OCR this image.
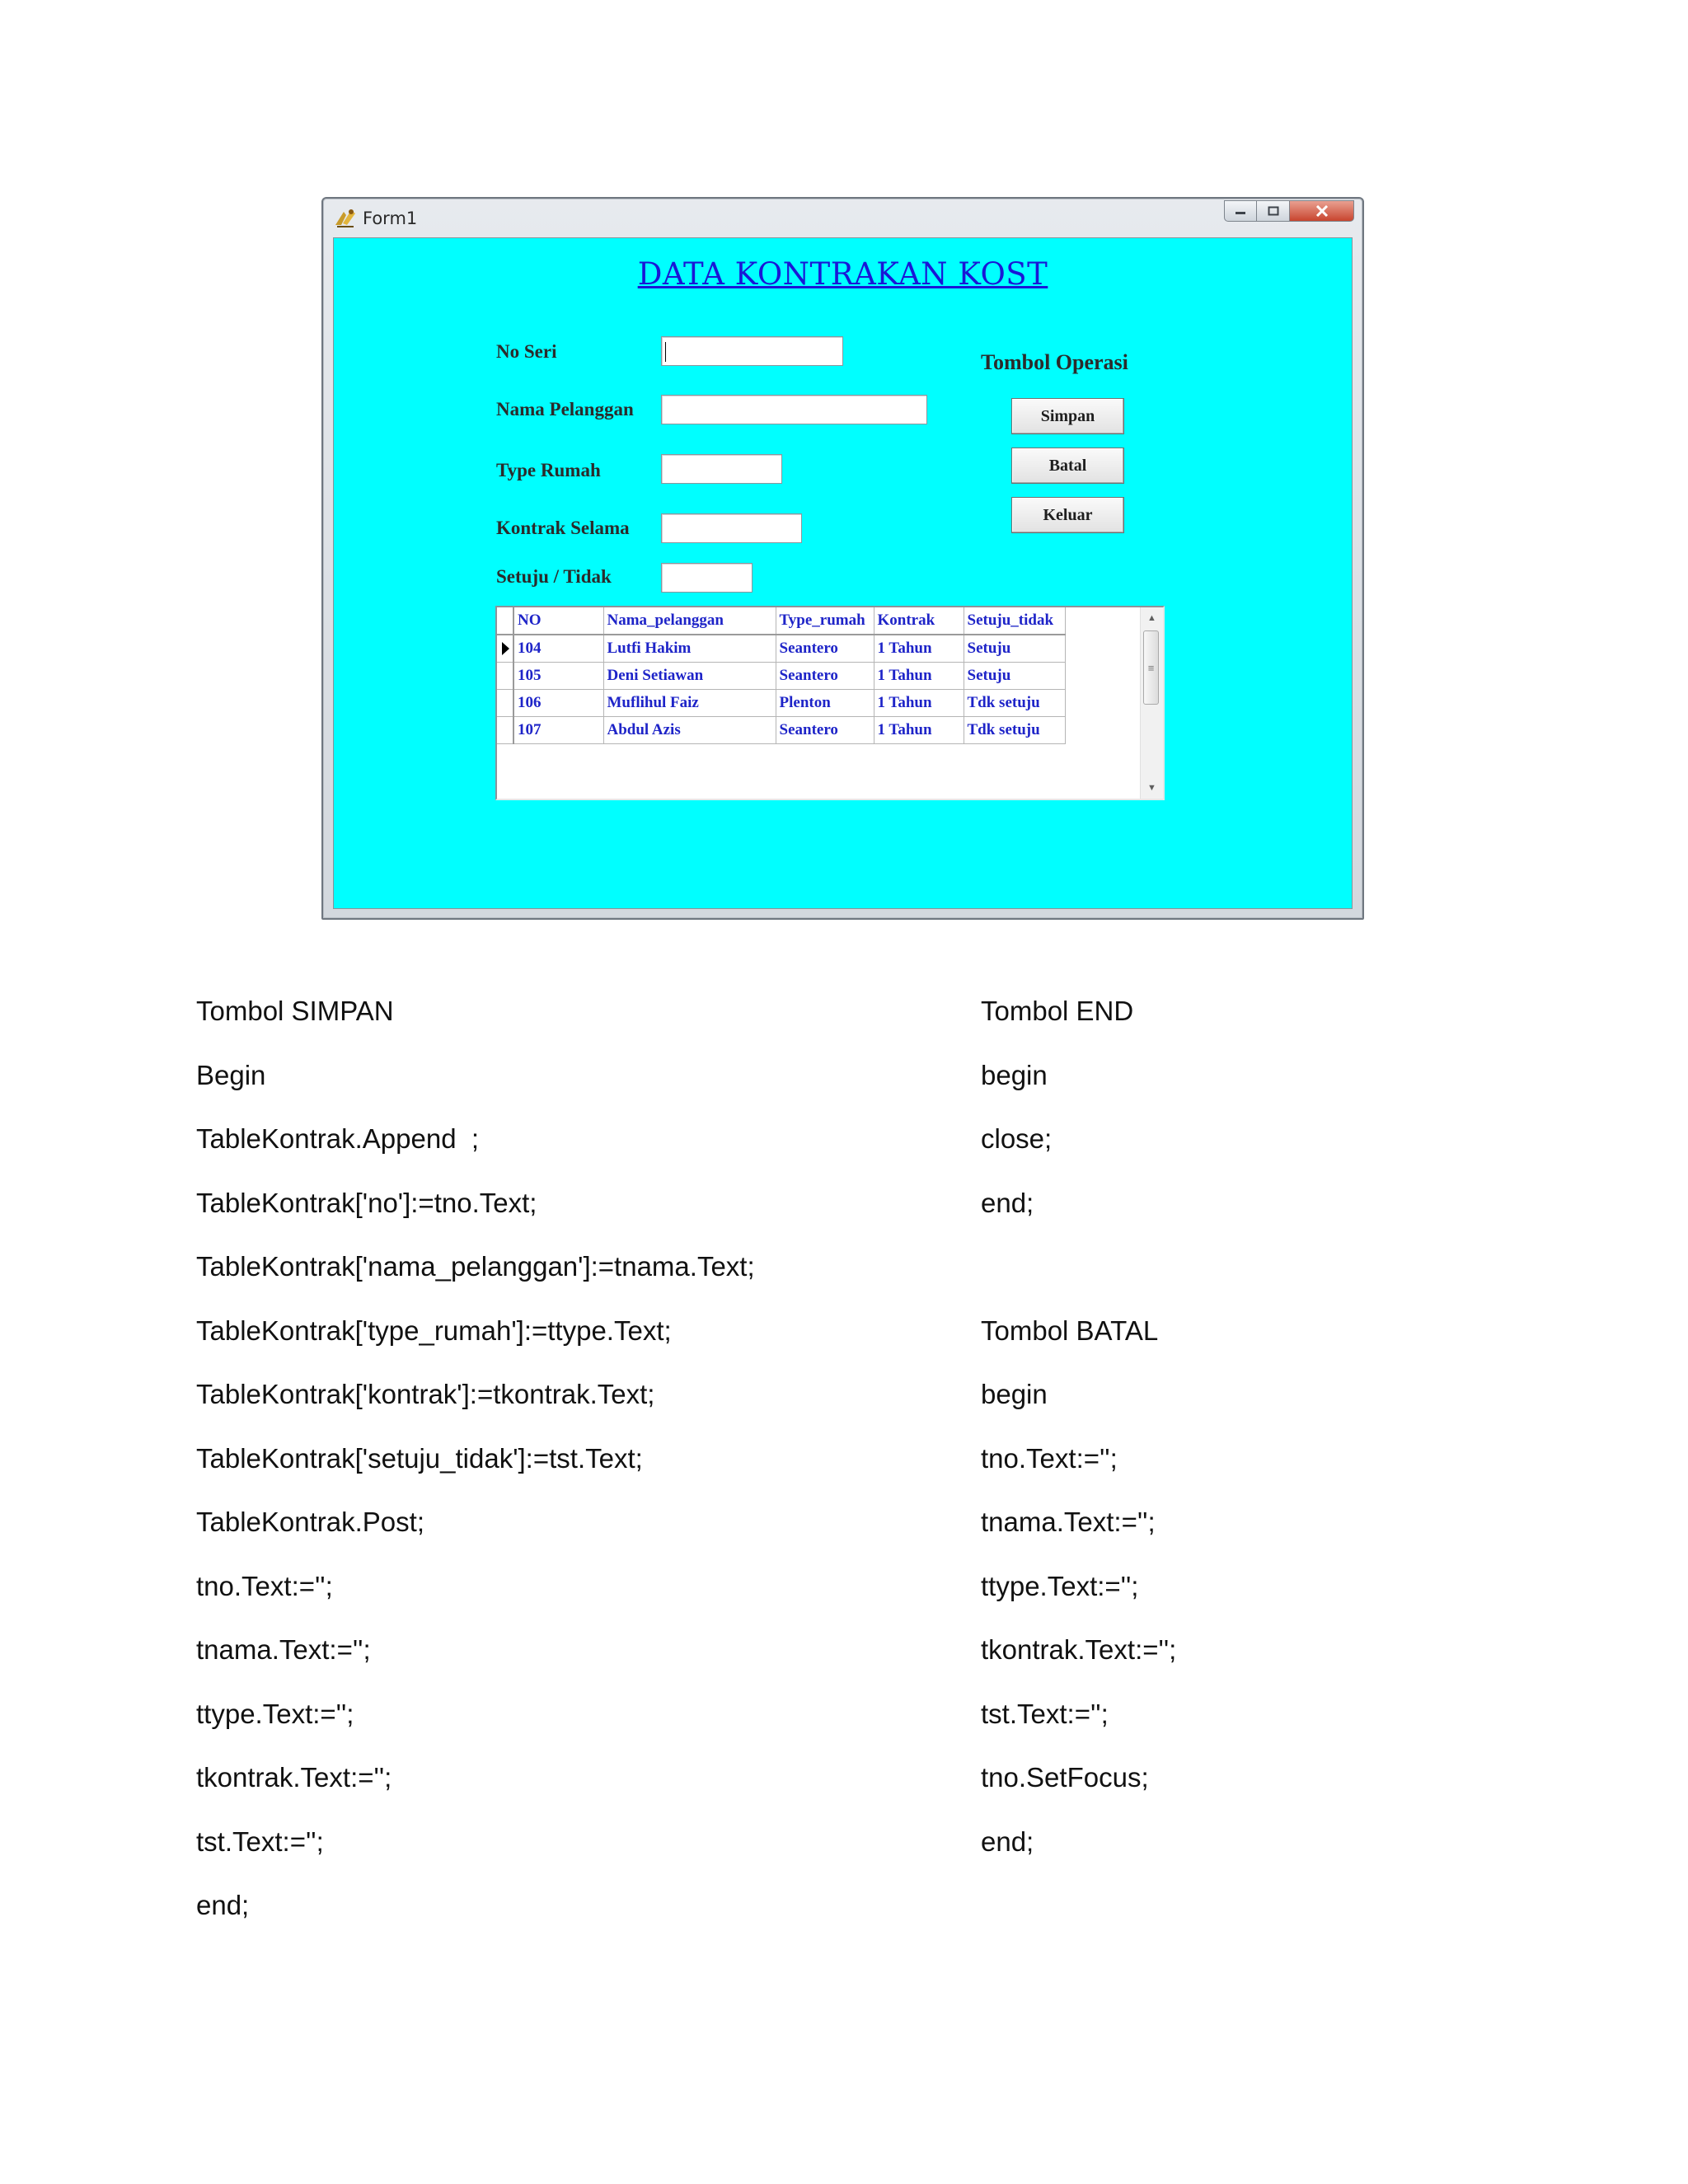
Form1
DATA KONTRAKAN KOST
No Seri
Nama Pelanggan
Type Rumah
Kontrak Selama
Setuju / Tidak
Tombol Operasi
Simpan
Batal
Keluar
	NO	Nama_pelanggan	Type_rumah	Kontrak	Setuju_tidak

	104	Lutfi Hakim	Seantero	1 Tahun	Setuju
	105	Deni Setiawan	Seantero	1 Tahun	Setuju
	106	Muflihul Faiz	Plenton	1 Tahun	Tdk setuju
	107	Abdul Azis	Seantero	1 Tahun	Tdk setuju
▲
≡
▼
Tombol SIMPAN
Begin
TableKontrak.Append  ;
TableKontrak['no']:=tno.Text;
TableKontrak['nama_pelanggan']:=tnama.Text;
TableKontrak['type_rumah']:=ttype.Text;
TableKontrak['kontrak']:=tkontrak.Text;
TableKontrak['setuju_tidak']:=tst.Text;
TableKontrak.Post;
tno.Text:='';
tnama.Text:='';
ttype.Text:='';
tkontrak.Text:='';
tst.Text:='';
end;
Tombol END
begin
close;
end;
Tombol BATAL
begin
tno.Text:='';
tnama.Text:='';
ttype.Text:='';
tkontrak.Text:='';
tst.Text:='';
tno.SetFocus;
end;
